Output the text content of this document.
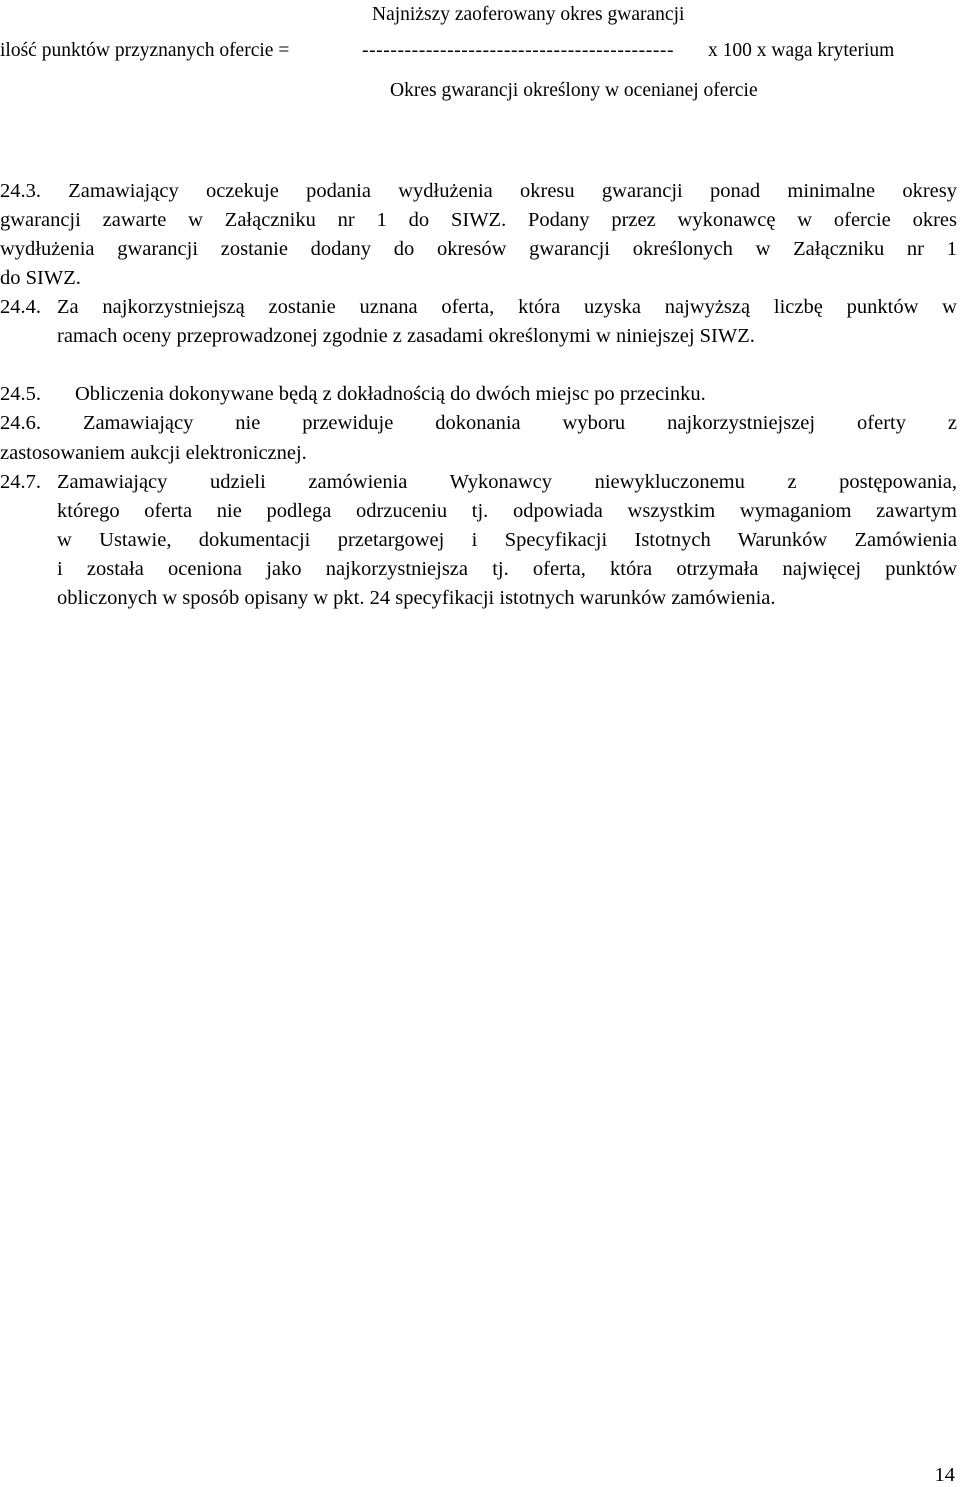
Najniższy zaoferowany okres gwarancji
ilość punktów przyznanych ofercie =	-------------------------------------------- x 100 x waga kryterium
Okres gwarancji określony w ocenianej ofercie
24.3. Zamawiający oczekuje podania wydłużenia okresu gwarancji ponad minimalne okresy
gwarancji zawarte w Załączniku nr 1 do SIWZ. Podany przez wykonawcę w ofercie okres
wydłużenia gwarancji zostanie dodany do okresów gwarancji określonych w Załączniku nr 1
do SIWZ.
24.4. Za najkorzystniejszą zostanie uznana oferta, która uzyska najwyższą liczbę punktów w
ramach oceny przeprowadzonej zgodnie z zasadami określonymi w niniejszej SIWZ.
24.5. Obliczenia dokonywane będą z dokładnością do dwóch miejsc po przecinku.
24.6. Zamawiający nie przewiduje dokonania wyboru najkorzystniejszej oferty z
zastosowaniem aukcji elektronicznej.
24.7. Zamawiający udzieli zamówienia Wykonawcy niewykluczonemu z postępowania,
którego oferta nie podlega odrzuceniu tj. odpowiada wszystkim wymaganiom zawartym
w Ustawie, dokumentacji przetargowej i Specyfikacji Istotnych Warunków Zamówienia
i została oceniona jako najkorzystniejsza tj. oferta, która otrzymała najwięcej punktów
obliczonych w sposób opisany w pkt. 24 specyfikacji istotnych warunków zamówienia.
14
